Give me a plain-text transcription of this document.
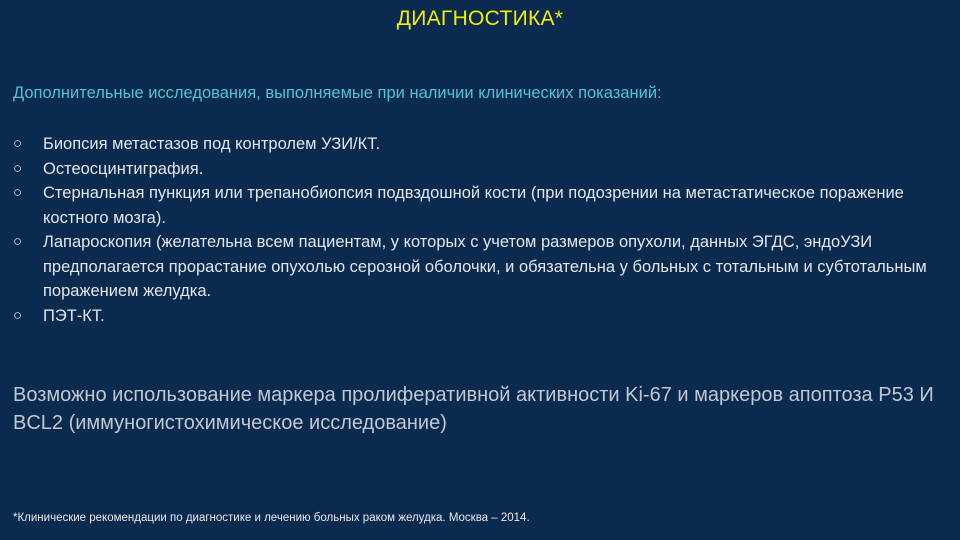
ДИАГНОСТИКА*
Дополнительные исследования, выполняемые при наличии клинических показаний:
○ Биопсия метастазов под контролем УЗИ/КТ.
○ Остеосцинтиграфия.
○ Стернальная пункция или трепанобиопсия подвздошной кости (при подозрении на метастатическое поражение костного мозга).
○ Лапароскопия (желательна всем пациентам, у которых с учетом размеров опухоли, данных ЭГДС, эндоУЗИ предполагается прорастание опухолью серозной оболочки, и обязательна у больных с тотальным и субтотальным поражением желудка.
○ ПЭТ-КТ.
Возможно использование маркера пролиферативной активности Ki-67 и маркеров апоптоза P53 И BCL2 (иммуногистохимическое исследование)
*Клинические рекомендации по диагностике и лечению больных раком желудка. Москва – 2014.
